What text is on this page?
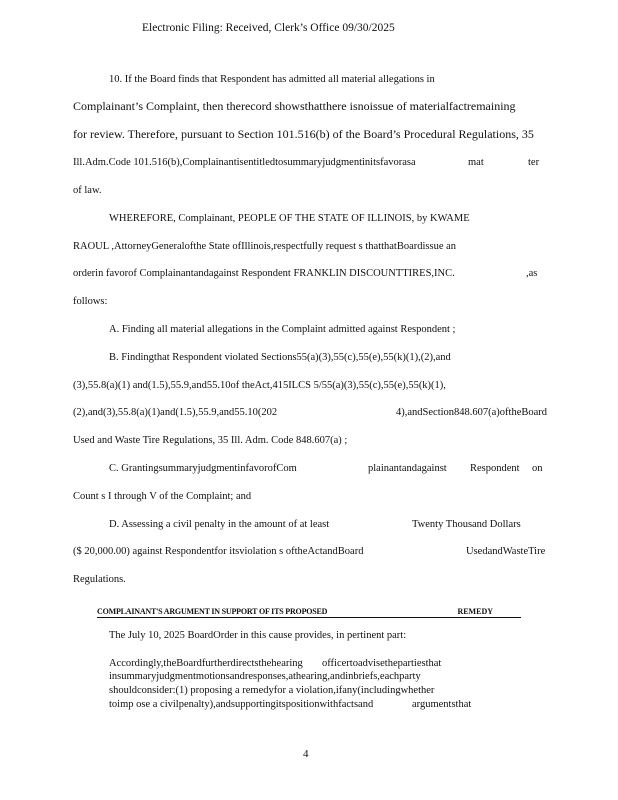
Electronic Filing: Received, Clerk’s Office 09/30/2025
10. If the Board finds that Respondent has admitted all material allegations in
Complainant’s Complaint, then therecord showsthatthere isnoissue of materialfactremaining
for review. Therefore, pursuant to Section 101.516(b) of the Board’s Procedural Regulations, 35
Ill.Adm.Code 101.516(b),Complainantisentitledtosummaryjudgmentinitsfavorasa	mat	ter
of law.
WHEREFORE, Complainant, PEOPLE OF THE STATE OF ILLINOIS, by KWAME
RAOUL ,AttorneyGeneralofthe State ofIllinois,respectfully request s thatthatBoardissue an
orderin favorof Complainantandagainst Respondent FRANKLIN DISCOUNTTIRES,INC.	,as
follows:
A. Finding all material allegations in the Complaint admitted against Respondent ;
B. Findingthat Respondent violated Sections55(a)(3),55(c),55(e),55(k)(1),(2),and
(3),55.8(a)(1) and(1.5),55.9,and55.10of theAct,415ILCS 5/55(a)(3),55(c),55(e),55(k)(1),
(2),and(3),55.8(a)(1)and(1.5),55.9,and55.10(202	4),andSection848.607(a)oftheBoard
Used and Waste Tire Regulations, 35 Ill. Adm. Code 848.607(a) ;
C. GrantingsummaryjudgmentinfavorofCom	plainantandagainst Respondent on
Count s I through V of the Complaint; and
D. Assessing a civil penalty in the amount of at least	Twenty Thousand Dollars
($ 20,000.00) against Respondentfor itsviolation s oftheActandBoard	UsedandWasteTire
Regulations.
COMPLAINANT'S ARGUMENT IN SUPPORT OF ITS PROPOSED	REMEDY
The July 10, 2025 BoardOrder in this cause provides, in pertinent part:
Accordingly,theBoardfurtherdirectsthehearing officertoadvisethepartiesthat
insummaryjudgmentmotionsandresponses,athearing,andinbriefs,eachparty
shouldconsider:(1) proposing a remedyfor a violation,ifany(includingwhether
toimp ose a civilpenalty),andsupportingitspositionwithfactsand	argumentsthat
4
